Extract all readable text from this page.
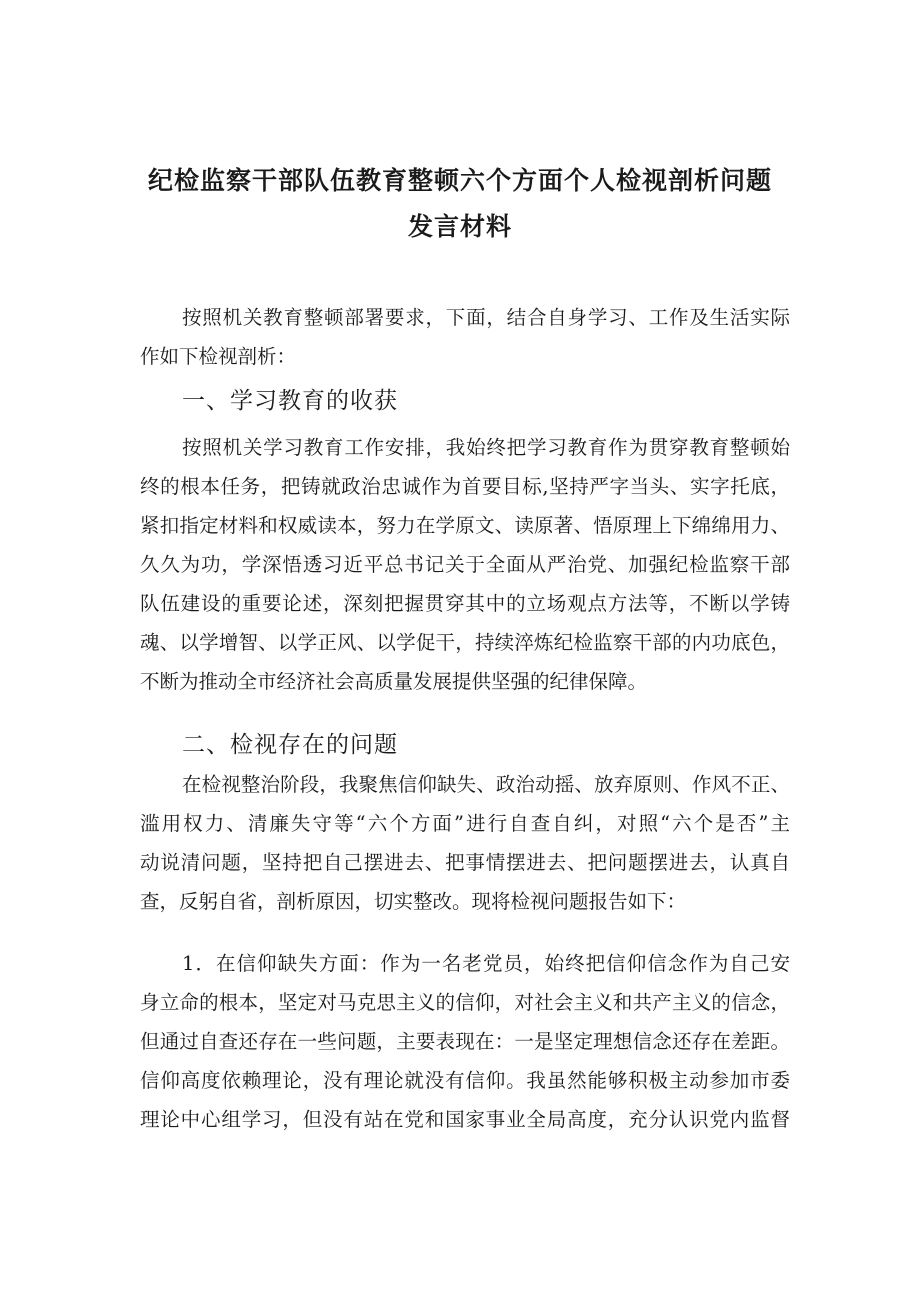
纪检监察干部队伍教育整顿六个方面个人检视剖析问题
发言材料
按照机关教育整顿部署要求，下面，结合自身学习、工作及生活实际
作如下检视剖析：
一、学习教育的收获
按照机关学习教育工作安排，我始终把学习教育作为贯穿教育整顿始
终的根本任务，把铸就政治忠诚作为首要目标,坚持严字当头、实字托底，
紧扣指定材料和权威读本，努力在学原文、读原著、悟原理上下绵绵用力、
久久为功，学深悟透习近平总书记关于全面从严治党、加强纪检监察干部
队伍建设的重要论述，深刻把握贯穿其中的立场观点方法等，不断以学铸
魂、以学增智、以学正风、以学促干，持续淬炼纪检监察干部的内功底色，
不断为推动全市经济社会高质量发展提供坚强的纪律保障。
二、检视存在的问题
在检视整治阶段，我聚焦信仰缺失、政治动摇、放弃原则、作风不正、
滥用权力、清廉失守等“六个方面”进行自查自纠，对照“六个是否”主
动说清问题，坚持把自己摆进去、把事情摆进去、把问题摆进去，认真自
查，反躬自省，剖析原因，切实整改。现将检视问题报告如下：
1．在信仰缺失方面：作为一名老党员，始终把信仰信念作为自己安
身立命的根本，坚定对马克思主义的信仰，对社会主义和共产主义的信念，
但通过自查还存在一些问题，主要表现在：一是坚定理想信念还存在差距。
信仰高度依赖理论，没有理论就没有信仰。我虽然能够积极主动参加市委
理论中心组学习，但没有站在党和国家事业全局高度，充分认识党内监督
